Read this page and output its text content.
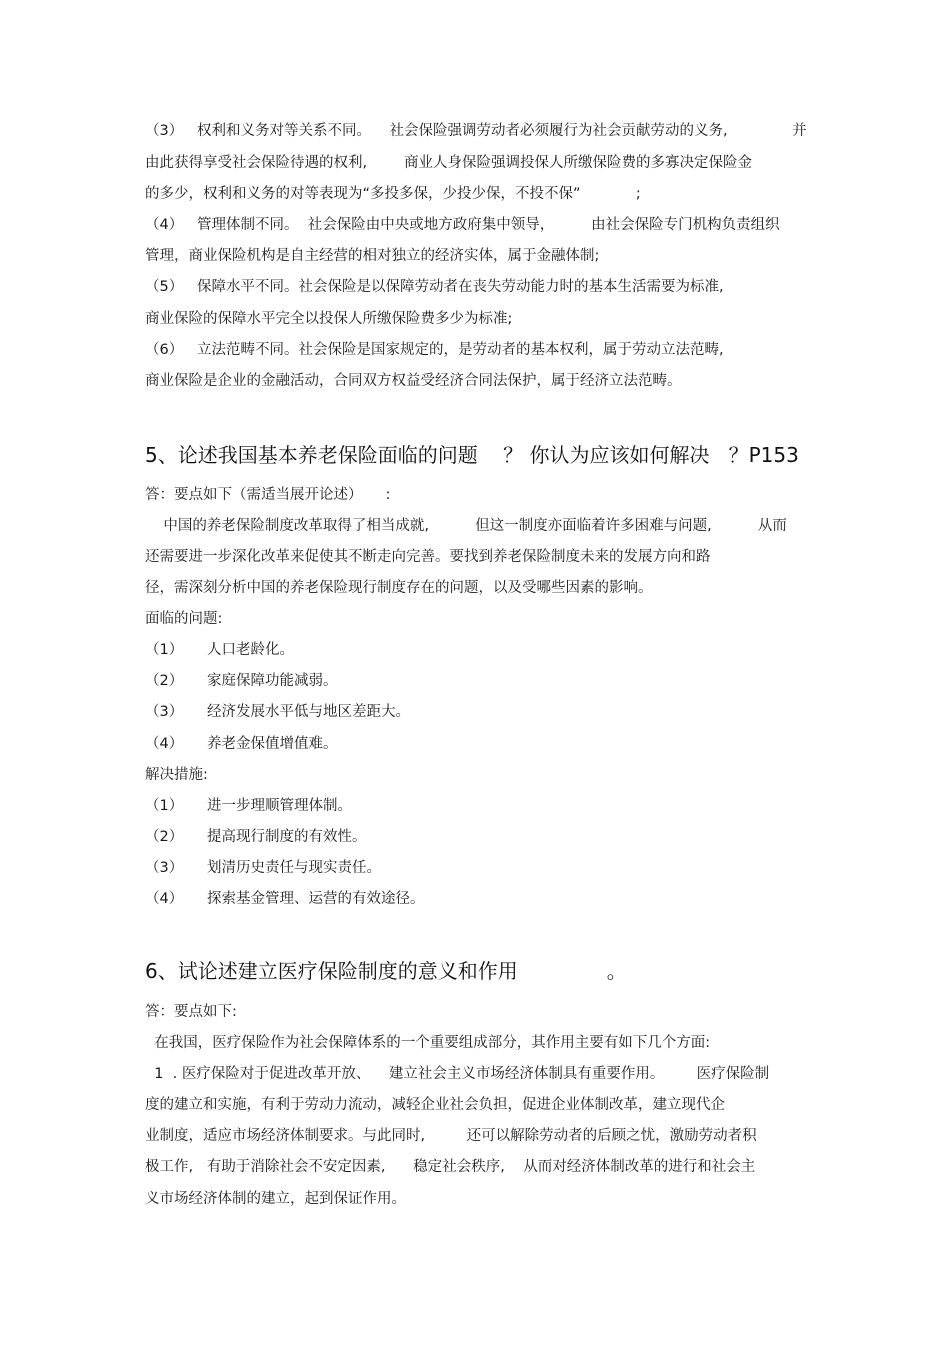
（3）   权利和义务对等关系不同。    社会保险强调劳动者必须履行为社会贡献劳动的义务,              并
由此获得享受社会保险待遇的权利,        商业人身保险强调投保人所缴保险费的多寡决定保险金
的多少，权利和义务的对等表现为“多投多保，少投少保，不投不保”            ;
（4）   管理体制不同。  社会保险由中央或地方政府集中领导，        由社会保险专门机构负责组织
管理，商业保险机构是自主经营的相对独立的经济实体，属于金融体制;
（5）   保障水平不同。社会保险是以保障劳动者在丧失劳动能力时的基本生活需要为标准,
商业保险的保障水平完全以投保人所缴保险费多少为标准;
（6）   立法范畴不同。社会保险是国家规定的，是劳动者的基本权利，属于劳动立法范畴,
商业保险是企业的金融活动，合同双方权益受经济合同法保护，属于经济立法范畴。
5、论述我国基本养老保险面临的问题    ？ 你认为应该如何解决   ？P153
答：要点如下（需适当展开论述）     :
中国的养老保险制度改革取得了相当成就,          但这一制度亦面临着许多困难与问题,          从而
还需要进一步深化改革来促使其不断走向完善。要找到养老保险制度未来的发展方向和路
径，需深刻分析中国的养老保险现行制度存在的问题，以及受哪些因素的影响。
面临的问题:
（1） 人口老龄化。
（2） 家庭保障功能减弱。
（3） 经济发展水平低与地区差距大。
（4） 养老金保值增值难。
解决措施:
（1） 进一步理顺管理体制。
（2） 提高现行制度的有效性。
（3） 划清历史责任与现实责任。
（4） 探索基金管理、运营的有效途径。
6、试论述建立医疗保险制度的意义和作用              。
答：要点如下:
在我国，医疗保险作为社会保障体系的一个重要组成部分，其作用主要有如下几个方面:
1  . 医疗保险对于促进改革开放、    建立社会主义市场经济体制具有重要作用。       医疗保险制
度的建立和实施，有利于劳动力流动，减轻企业社会负担，促进企业体制改革，建立现代企
业制度，适应市场经济体制要求。与此同时,         还可以解除劳动者的后顾之忧，激励劳动者积
极工作,   有助于消除社会不安定因素,      稳定社会秩序,    从而对经济体制改革的进行和社会主
义市场经济体制的建立，起到保证作用。
